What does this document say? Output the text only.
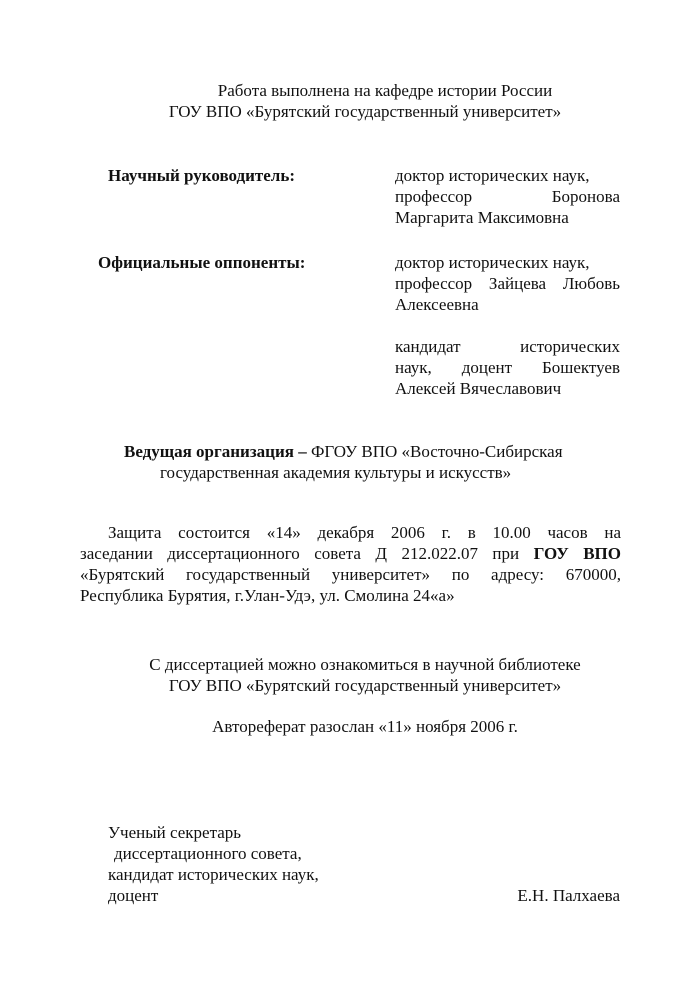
Работа выполнена на кафедре истории России
ГОУ ВПО «Бурятский государственный университет»
Научный руководитель:	доктор исторических наук,
профессор Боронова
Маргарита Максимовна
Официальные оппоненты:	доктор исторических наук,
профессор Зайцева Любовь
Алексеевна
кандидат исторических
наук, доцент Бошектуев
Алексей Вячеславович
Ведущая организация – ФГОУ ВПО «Восточно-Сибирская
государственная академия культуры и искусств»
Защита состоится «14» декабря 2006 г. в 10.00 часов на
заседании диссертационного совета Д 212.022.07 при ГОУ ВПО
«Бурятский государственный университет» по адресу: 670000,
Республика Бурятия, г.Улан-Удэ, ул. Смолина 24«а»
С диссертацией можно ознакомиться в научной библиотеке
ГОУ ВПО «Бурятский государственный университет»
Автореферат разослан «11» ноября 2006 г.
Ученый секретарь
диссертационного совета,
кандидат исторических наук,
доцент	Е.Н. Палхаева
